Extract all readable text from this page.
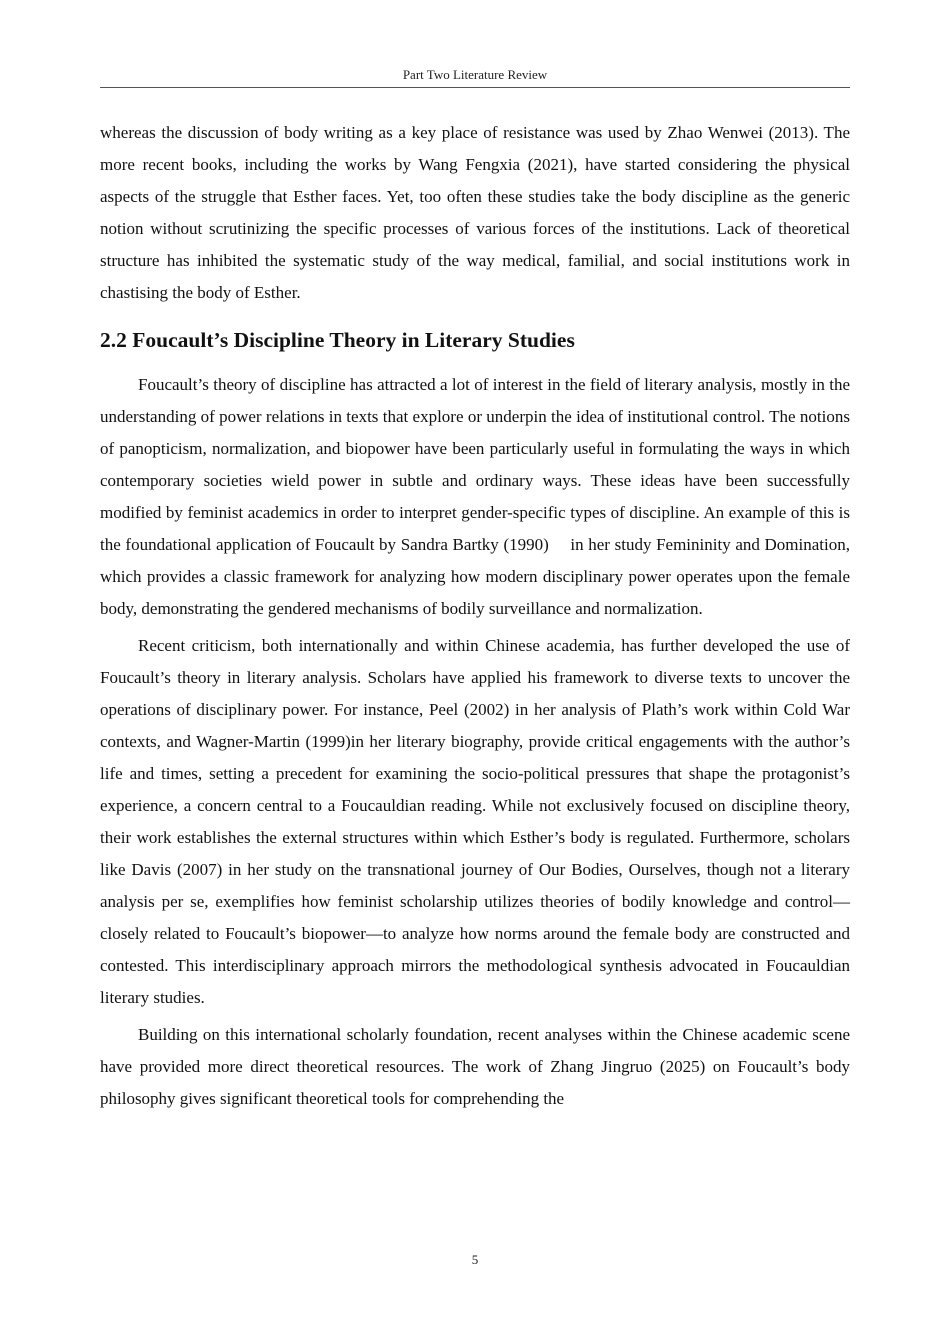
Part Two Literature Review

whereas the discussion of body writing as a key place of resistance was used by Zhao Wenwei (2013). The more recent books, including the works by Wang Fengxia (2021), have started considering the physical aspects of the struggle that Esther faces. Yet, too often these studies take the body discipline as the generic notion without scrutinizing the specific processes of various forces of the institutions. Lack of theoretical structure has inhibited the systematic study of the way medical, familial, and social institutions work in chastising the body of Esther.

2.2 Foucault’s Discipline Theory in Literary Studies

Foucault’s theory of discipline has attracted a lot of interest in the field of literary analysis, mostly in the understanding of power relations in texts that explore or underpin the idea of institutional control. The notions of panopticism, normalization, and biopower have been particularly useful in formulating the ways in which contemporary societies wield power in subtle and ordinary ways. These ideas have been successfully modified by feminist academics in order to interpret gender-specific types of discipline. An example of this is the foundational application of Foucault by Sandra Bartky (1990)  in her study Femininity and Domination, which provides a classic framework for analyzing how modern disciplinary power operates upon the female body, demonstrating the gendered mechanisms of bodily surveillance and normalization.

Recent criticism, both internationally and within Chinese academia, has further developed the use of Foucault’s theory in literary analysis. Scholars have applied his framework to diverse texts to uncover the operations of disciplinary power. For instance, Peel (2002) in her analysis of Plath’s work within Cold War contexts, and Wagner-Martin (1999)in her literary biography, provide critical engagements with the author’s life and times, setting a precedent for examining the socio-political pressures that shape the protagonist’s experience, a concern central to a Foucauldian reading. While not exclusively focused on discipline theory, their work establishes the external structures within which Esther’s body is regulated. Furthermore, scholars like Davis (2007) in her study on the transnational journey of Our Bodies, Ourselves, though not a literary analysis per se, exemplifies how feminist scholarship utilizes theories of bodily knowledge and control—closely related to Foucault’s biopower—to analyze how norms around the female body are constructed and contested. This interdisciplinary approach mirrors the methodological synthesis advocated in Foucauldian literary studies.

Building on this international scholarly foundation, recent analyses within the Chinese academic scene have provided more direct theoretical resources. The work of Zhang Jingruo (2025) on Foucault’s body philosophy gives significant theoretical tools for comprehending the

5
